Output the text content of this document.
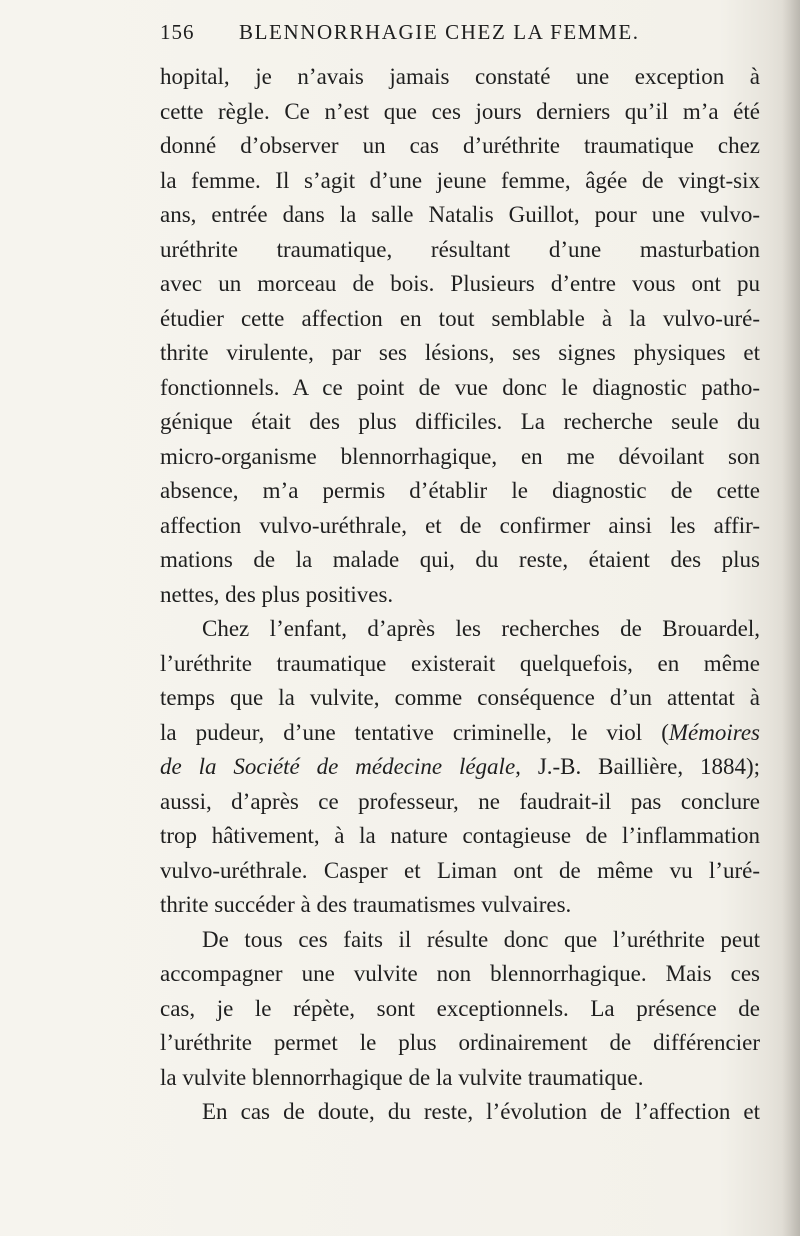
156 BLENNORRHAGIE CHEZ LA FEMME.
hopital, je n’avais jamais constaté une exception à
cette règle. Ce n’est que ces jours derniers qu’il m’a été
donné d’observer un cas d’uréthrite traumatique chez
la femme. Il s’agit d’une jeune femme, âgée de vingt-six
ans, entrée dans la salle Natalis Guillot, pour une vulvo-
uréthrite traumatique, résultant d’une masturbation
avec un morceau de bois. Plusieurs d’entre vous ont pu
étudier cette affection en tout semblable à la vulvo-uré-
thrite virulente, par ses lésions, ses signes physiques et
fonctionnels. A ce point de vue donc le diagnostic patho-
génique était des plus difficiles. La recherche seule du
micro-organisme blennorrhagique, en me dévoilant son
absence, m’a permis d’établir le diagnostic de cette
affection vulvo-uréthrale, et de confirmer ainsi les affir-
mations de la malade qui, du reste, étaient des plus
nettes, des plus positives.
Chez l’enfant, d’après les recherches de Brouardel,
l’uréthrite traumatique existerait quelquefois, en même
temps que la vulvite, comme conséquence d’un attentat à
la pudeur, d’une tentative criminelle, le viol (Mémoires
de la Société de médecine légale, J.-B. Baillière, 1884);
aussi, d’après ce professeur, ne faudrait-il pas conclure
trop hâtivement, à la nature contagieuse de l’inflammation
vulvo-uréthrale. Casper et Liman ont de même vu l’uré-
thrite succéder à des traumatismes vulvaires.
De tous ces faits il résulte donc que l’uréthrite peut
accompagner une vulvite non blennorrhagique. Mais ces
cas, je le répète, sont exceptionnels. La présence de
l’uréthrite permet le plus ordinairement de différencier
la vulvite blennorrhagique de la vulvite traumatique.
En cas de doute, du reste, l’évolution de l’affection et
